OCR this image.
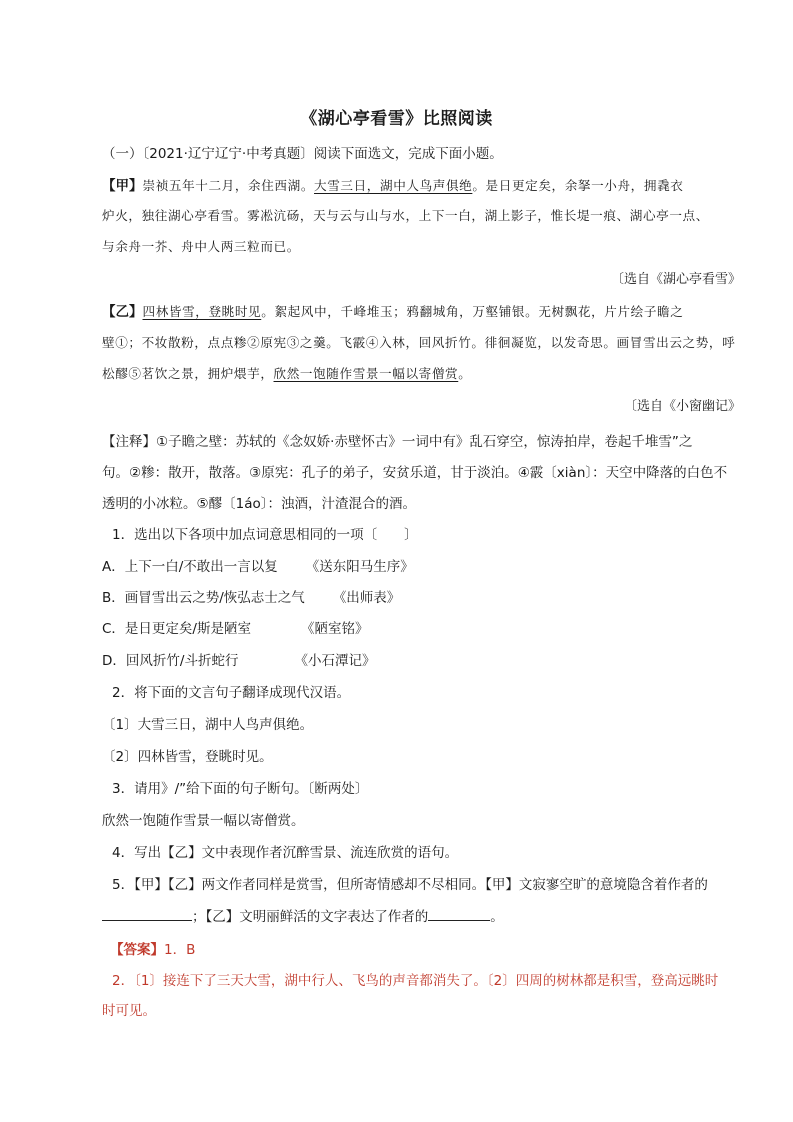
《湖心亭看雪》比照阅读
（一）〔2021·辽宁辽宁·中考真题〕阅读下面选文，完成下面小题。
【甲】崇祯五年十二月，余住西湖。大雪三日，湖中人鸟声俱绝。是日更定矣，余拏一小舟，拥毳衣
炉火，独往湖心亭看雪。雾凇沆砀，天与云与山与水，上下一白，湖上影子，惟长堤一痕、湖心亭一点、
与余舟一芥、舟中人两三粒而已。
〔选自《湖心亭看雪》
【乙】四林皆雪，登眺时见。絮起风中，千峰堆玉；鸦翻城角，万壑铺银。无树飘花，片片绘子瞻之
壁①；不妆散粉，点点糁②原宪③之羹。飞霰④入林，回风折竹。徘徊凝览，以发奇思。画冒雪出云之势，呼
松醪⑤茗饮之景，拥炉煨芋，欣然一饱随作雪景一幅以寄僧赏。
〔选自《小窗幽记》
【注释】①子瞻之壁：苏轼的《念奴娇·赤壁怀古》一词中有》乱石穿空，惊涛拍岸，卷起千堆雪”之
句。②糁：散开，散落。③原宪：孔子的弟子，安贫乐道，甘于淡泊。④霰〔xiàn〕：天空中降落的白色不
透明的小冰粒。⑤醪〔1áo〕：浊酒，汁渣混合的酒。
1．选出以下各项中加点词意思相同的一项〔　　〕
A．上下一白/不敢出一言以复 《送东阳马生序》
B．画冒雪出云之势/恢弘志士之气 《出师表》
C．是日更定矣/斯是陋室	《陋室铭》
D．回风折竹/斗折蛇行	《小石潭记》
2．将下面的文言句子翻译成现代汉语。
〔1〕大雪三日，湖中人鸟声俱绝。
〔2〕四林皆雪，登眺时见。
3．请用》/”给下面的句子断句。〔断两处〕
欣然一饱随作雪景一幅以寄僧赏。
4．写出【乙】文中表现作者沉醉雪景、流连欣赏的语句。
5．【甲】【乙】两文作者同样是赏雪，但所寄情感却不尽相同。【甲】文寂寥空旷的意境隐含着作者的
；【乙】文明丽鲜活的文字表达了作者的	。
【答案】1．B
2．〔1〕接连下了三天大雪，湖中行人、飞鸟的声音都消失了。〔2〕四周的树林都是积雪，登高远眺时
时可见。
